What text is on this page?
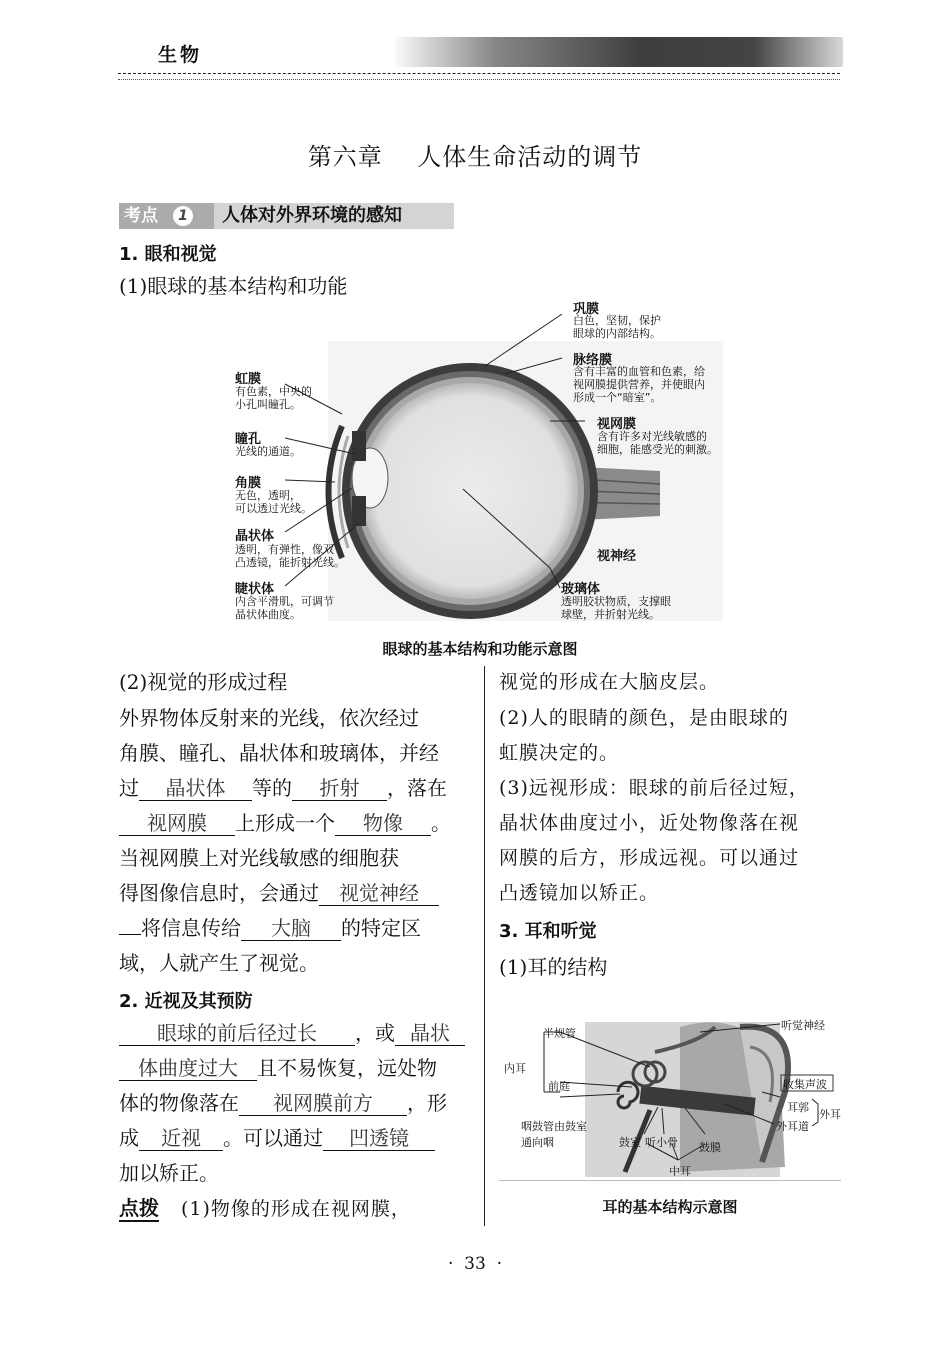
生物
第六章    人体生命活动的调节
考点	1	人体对外界环境的感知
1. 眼和视觉
(1)眼球的基本结构和功能
巩膜
白色，坚韧，保护
眼球的内部结构。
脉络膜
含有丰富的血管和色素，给
视网膜提供营养，并使眼内
形成一个“暗室”。
视网膜
含有许多对光线敏感的
细胞，能感受光的刺激。
视神经
玻璃体
透明胶状物质，支撑眼
球壁，并折射光线。
虹膜
有色素，中央的
小孔叫瞳孔。
瞳孔
光线的通道。
角膜
无色，透明，
可以透过光线。
晶状体
透明，有弹性，像双
凸透镜，能折射光线。
睫状体
内含平滑肌，可调节
晶状体曲度。
眼球的基本结构和功能示意图
(2)视觉的形成过程
外界物体反射来的光线，依次经过
角膜、瞳孔、晶状体和玻璃体，并经
过 晶状体 等的 折射 ，落在
视网膜 上形成一个 物像 。
当视网膜上对光线敏感的细胞获
得图像信息时，会通过 视觉神经
将信息传给 大脑 的特定区
域，人就产生了视觉。
2. 近视及其预防
眼球的前后径过长 ，或 晶状
体曲度过大 且不易恢复，远处物
体的物像落在 视网膜前方 ，形
成 近视 。可以通过 凹透镜
加以矫正。
点拨 (1)物像的形成在视网膜，
视觉的形成在大脑皮层。
(2)人的眼睛的颜色，是由眼球的
虹膜决定的。
(3)远视形成：眼球的前后径过短，
晶状体曲度过小，近处物像落在视
网膜的后方，形成远视。可以通过
凸透镜加以矫正。
3. 耳和听觉
(1)耳的结构
半规管
听觉神经
内耳
前庭	收集声波
耳郭
外耳
外耳道
咽鼓管由鼓室
通向咽	鼓室 听小骨 鼓膜
中耳
耳的基本结构示意图
·  33  ·
